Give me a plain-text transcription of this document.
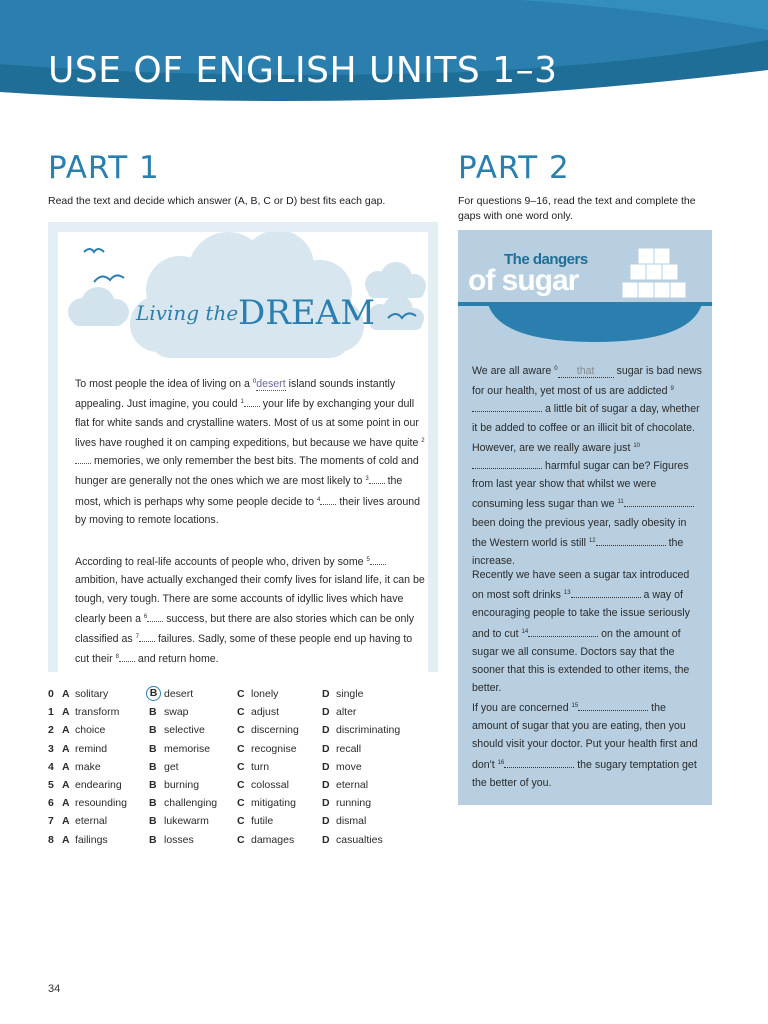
USE OF ENGLISH UNITS 1–3
PART 1
Read the text and decide which answer (A, B, C or D) best fits each gap.
Living the DREAM
To most people the idea of living on a $^0$desert island sounds instantly appealing. Just imagine, you could $^1$ your life by exchanging your dull flat for white sands and crystalline waters. Most of us at some point in our lives have roughed it on camping expeditions, but because we have quite $^2$ memories, we only remember the best bits. The moments of cold and hunger are generally not the ones which we are most likely to $^3$ the most, which is perhaps why some people decide to $^4$ their lives around by moving to remote locations.
According to real-life accounts of people who, driven by some $^5$ ambition, have actually exchanged their comfy lives for island life, it can be tough, very tough. There are some accounts of idyllic lives which have clearly been a $^6$ success, but there are also stories which can be only classified as $^7$ failures. Sadly, some of these people end up having to cut their $^8$ and return home.
0 A solitary	B desert	C lonely	D single
1 A transform	B swap	C adjust	D alter
2 A choice	B selective	C discerning D discriminating
3 A remind	B memorise	C recognise D recall
4 A make	B get	C turn	D move
5 A endearing	B burning	C colossal	D eternal
6 A resounding B challenging C mitigating D running
7 A eternal	B lukewarm	C futile	D dismal
8 A failings	B losses	C damages	D casualties
PART 2
For questions 9–16, read the text and complete the gaps with one word only.
The dangers
of sugar
We are all aware $^0$ that sugar is bad news for our health, yet most of us are addicted $^9$ a little bit of sugar a day, whether it be added to coffee or an illicit bit of chocolate. However, are we really aware just $^{10}$ harmful sugar can be? Figures from last year show that whilst we were consuming less sugar than we $^{11}$ been doing the previous year, sadly obesity in the Western world is still $^{12}$	the increase.
Recently we have seen a sugar tax introduced on most soft drinks $^{13}$	a way of encouraging people to take the issue seriously and to cut $^{14}$	on the amount of sugar we all consume. Doctors say that the sooner that this is extended to other items, the better.
If you are concerned $^{15}$	the amount of sugar that you are eating, then you should visit your doctor. Put your health first and don't $^{16}$	the sugary temptation get the better of you.
34
